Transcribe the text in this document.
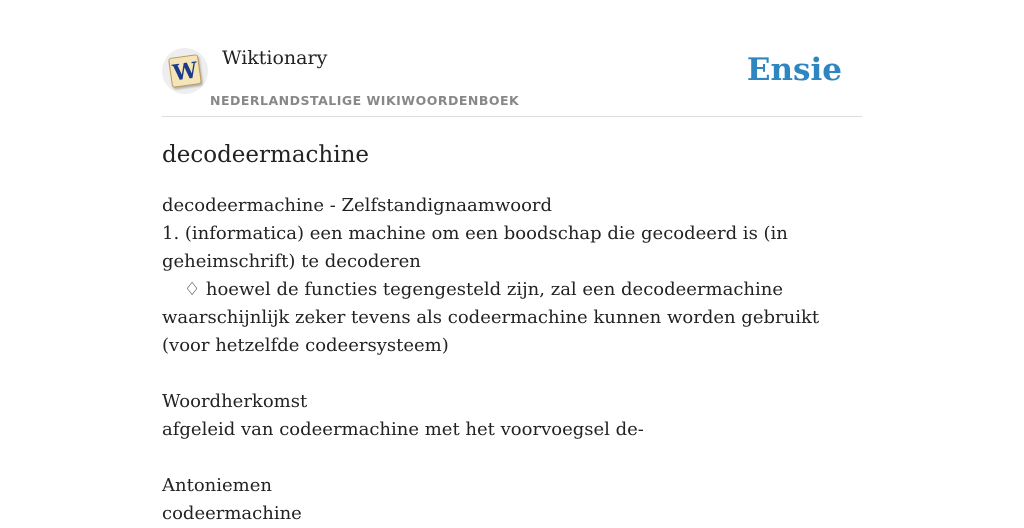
W Wiktionary
NEDERLANDSTALIGE WIKIWOORDENBOEK
Ensie
decodeermachine
decodeermachine - Zelfstandignaamwoord
1. (informatica) een machine om een boodschap die gecodeerd is (in geheimschrift) te decoderen
♢ hoewel de functies tegengesteld zijn, zal een decodeermachine waarschijnlijk zeker tevens als codeermachine kunnen worden gebruikt (voor hetzelfde codeersysteem)
Woordherkomst
afgeleid van codeermachine met het voorvoegsel de-
Antoniemen
codeermachine
